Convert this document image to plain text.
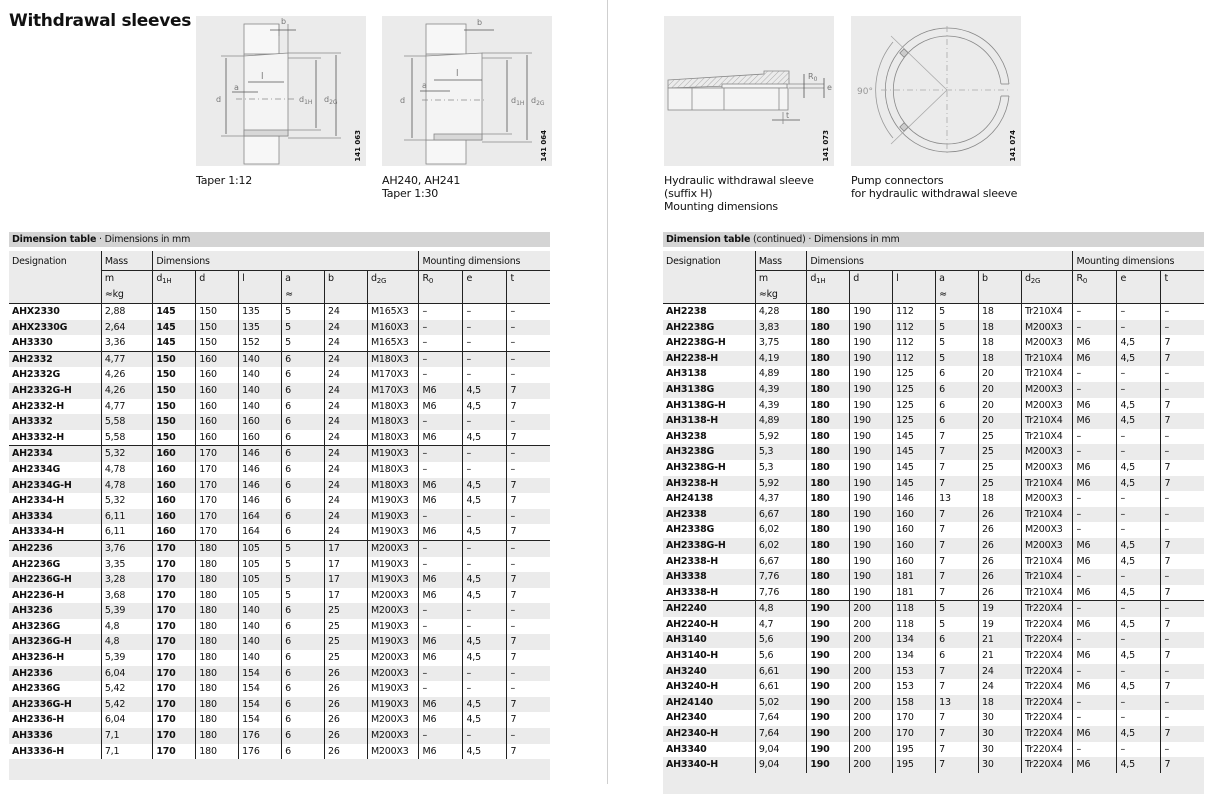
Withdrawal sleeves
l
a
d	$d_{1H}$ $d_{2G}$
b
141 063
Taper 1:12
l
a
d	$d_{1H}$ $d_{2G}$
b
141 064
AH240, AH241
Taper 1:30
$R_0$
e
t
141 073
Hydraulic withdrawal sleeve
(suffix H)
Mounting dimensions
90°
141 074
Pump connectors
for hydraulic withdrawal sleeve
Dimension table · Dimensions in mm

Designation	Mass	Dimensions						Mounting dimensions		
	m	$d_{1H}$	d	l	a	b	$d_{2G}$	$R_0$	e	t
	≈kg				≈					
AHX2330	2,88	145	150	135	5	24	M165X3	–	–	–
AHX2330G	2,64	145	150	135	5	24	M160X3	–	–	–
AH3330	3,36	145	150	152	5	24	M165X3	–	–	–
AH2332	4,77	150	160	140	6	24	M180X3	–	–	–
AH2332G	4,26	150	160	140	6	24	M170X3	–	–	–
AH2332G-H	4,26	150	160	140	6	24	M170X3	M6	4,5	7
AH2332-H	4,77	150	160	140	6	24	M180X3	M6	4,5	7
AH3332	5,58	150	160	160	6	24	M180X3	–	–	–
AH3332-H	5,58	150	160	160	6	24	M180X3	M6	4,5	7
AH2334	5,32	160	170	146	6	24	M190X3	–	–	–
AH2334G	4,78	160	170	146	6	24	M180X3	–	–	–
AH2334G-H	4,78	160	170	146	6	24	M180X3	M6	4,5	7
AH2334-H	5,32	160	170	146	6	24	M190X3	M6	4,5	7
AH3334	6,11	160	170	164	6	24	M190X3	–	–	–
AH3334-H	6,11	160	170	164	6	24	M190X3	M6	4,5	7
AH2236	3,76	170	180	105	5	17	M200X3	–	–	–
AH2236G	3,35	170	180	105	5	17	M190X3	–	–	–
AH2236G-H	3,28	170	180	105	5	17	M190X3	M6	4,5	7
AH2236-H	3,68	170	180	105	5	17	M200X3	M6	4,5	7
AH3236	5,39	170	180	140	6	25	M200X3	–	–	–
AH3236G	4,8	170	180	140	6	25	M190X3	–	–	–
AH3236G-H	4,8	170	180	140	6	25	M190X3	M6	4,5	7
AH3236-H	5,39	170	180	140	6	25	M200X3	M6	4,5	7
AH2336	6,04	170	180	154	6	26	M200X3	–	–	–
AH2336G	5,42	170	180	154	6	26	M190X3	–	–	–
AH2336G-H	5,42	170	180	154	6	26	M190X3	M6	4,5	7
AH2336-H	6,04	170	180	154	6	26	M200X3	M6	4,5	7
AH3336	7,1	170	180	176	6	26	M200X3	–	–	–
AH3336-H	7,1	170	180	176	6	26	M200X3	M6	4,5	7
Dimension table (continued) · Dimensions in mm

Designation	Mass	Dimensions						Mounting dimensions		
	m	$d_{1H}$	d	l	a	b	$d_{2G}$	$R_0$	e	t
	≈kg				≈					
AH2238	4,28	180	190	112	5	18	Tr210X4	–	–	–
AH2238G	3,83	180	190	112	5	18	M200X3	–	–	–
AH2238G-H	3,75	180	190	112	5	18	M200X3	M6	4,5	7
AH2238-H	4,19	180	190	112	5	18	Tr210X4	M6	4,5	7
AH3138	4,89	180	190	125	6	20	Tr210X4	–	–	–
AH3138G	4,39	180	190	125	6	20	M200X3	–	–	–
AH3138G-H	4,39	180	190	125	6	20	M200X3	M6	4,5	7
AH3138-H	4,89	180	190	125	6	20	Tr210X4	M6	4,5	7
AH3238	5,92	180	190	145	7	25	Tr210X4	–	–	–
AH3238G	5,3	180	190	145	7	25	M200X3	–	–	–
AH3238G-H	5,3	180	190	145	7	25	M200X3	M6	4,5	7
AH3238-H	5,92	180	190	145	7	25	Tr210X4	M6	4,5	7
AH24138	4,37	180	190	146	13	18	M200X3	–	–	–
AH2338	6,67	180	190	160	7	26	Tr210X4	–	–	–
AH2338G	6,02	180	190	160	7	26	M200X3	–	–	–
AH2338G-H	6,02	180	190	160	7	26	M200X3	M6	4,5	7
AH2338-H	6,67	180	190	160	7	26	Tr210X4	M6	4,5	7
AH3338	7,76	180	190	181	7	26	Tr210X4	–	–	–
AH3338-H	7,76	180	190	181	7	26	Tr210X4	M6	4,5	7
AH2240	4,8	190	200	118	5	19	Tr220X4	–	–	–
AH2240-H	4,7	190	200	118	5	19	Tr220X4	M6	4,5	7
AH3140	5,6	190	200	134	6	21	Tr220X4	–	–	–
AH3140-H	5,6	190	200	134	6	21	Tr220X4	M6	4,5	7
AH3240	6,61	190	200	153	7	24	Tr220X4	–	–	–
AH3240-H	6,61	190	200	153	7	24	Tr220X4	M6	4,5	7
AH24140	5,02	190	200	158	13	18	Tr220X4	–	–	–
AH2340	7,64	190	200	170	7	30	Tr220X4	–	–	–
AH2340-H	7,64	190	200	170	7	30	Tr220X4	M6	4,5	7
AH3340	9,04	190	200	195	7	30	Tr220X4	–	–	–
AH3340-H	9,04	190	200	195	7	30	Tr220X4	M6	4,5	7
